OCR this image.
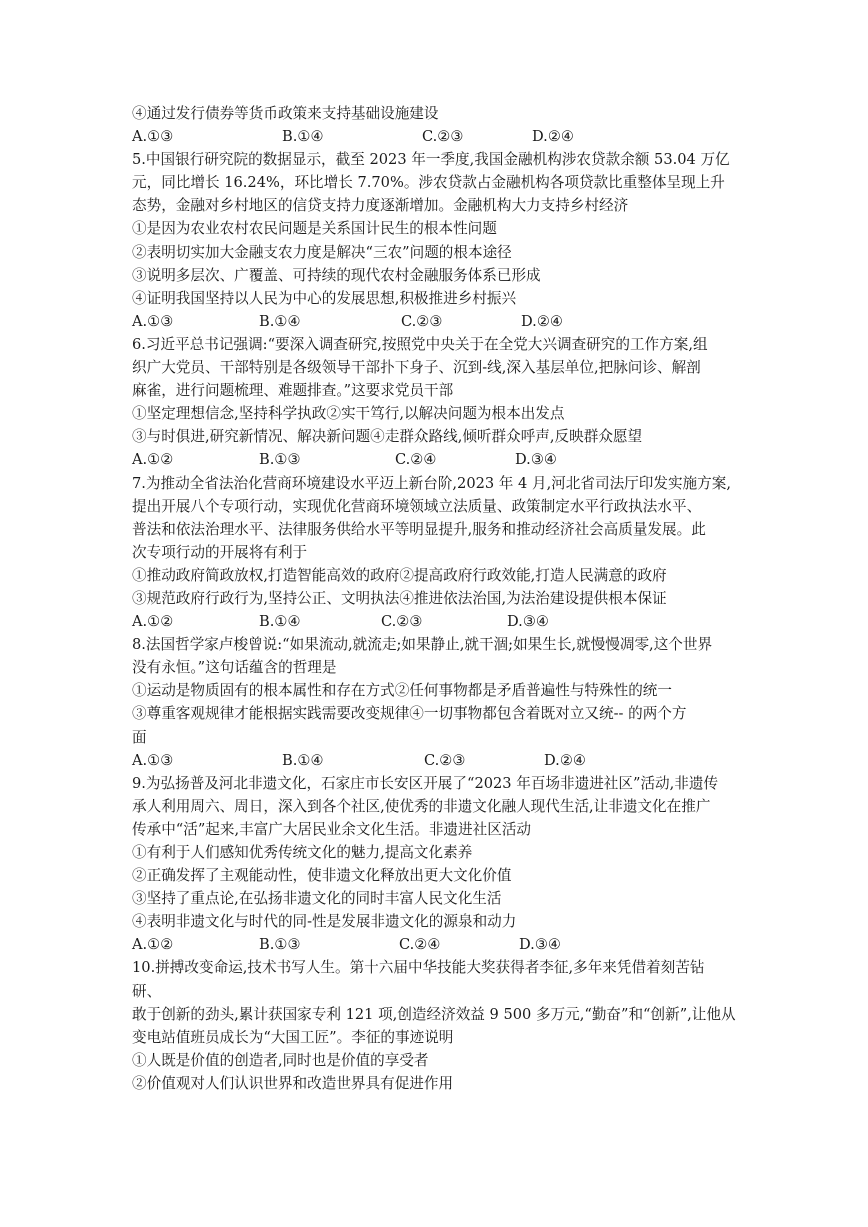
④通过发行债券等货币政策来支持基础设施建设
A.①③	B.①④	C.②③	D.②④
5.中国银行研究院的数据显示，截至 2023 年一季度,我国金融机构涉农贷款余额 53.04 万亿
元，同比增长 16.24%，环比增长 7.70%。涉农贷款占金融机构各项贷款比重整体呈现上升
态势，金融对乡村地区的信贷支持力度逐渐增加。金融机构大力支持乡村经济
①是因为农业农村农民问题是关系国计民生的根本性问题
②表明切实加大金融支农力度是解决“三农”问题的根本途径
③说明多层次、广覆盖、可持续的现代农村金融服务体系已形成
④证明我国坚持以人民为中心的发展思想,积极推进乡村振兴
A.①③	B.①④	C.②③	D.②④
6.习近平总书记强调:“要深入调查研究,按照党中央关于在全党大兴调查研究的工作方案,组
织广大党员、干部特别是各级领导干部扑下身子、沉到-线,深入基层单位,把脉问诊、解剖
麻雀，进行问题梳理、难题排查。”这要求党员干部
①坚定理想信念,坚持科学执政②实干笃行,以解决问题为根本出发点
③与时俱进,研究新情况、解决新问题④走群众路线,倾听群众呼声,反映群众愿望
A.①②	B.①③	C.②④	D.③④
7.为推动全省法治化营商环境建设水平迈上新台阶,2023 年 4 月,河北省司法厅印发实施方案,
提出开展八个专项行动，实现优化营商环境领域立法质量、政策制定水平行政执法水平、
普法和依法治理水平、法律服务供给水平等明显提升,服务和推动经济社会高质量发展。此
次专项行动的开展将有利于
①推动政府简政放权,打造智能高效的政府②提高政府行政效能,打造人民满意的政府
③规范政府行政行为,坚持公正、文明执法④推进依法治国,为法治建设提供根本保证
A.①②	B.①④	C.②③	D.③④
8.法国哲学家卢梭曾说:“如果流动,就流走;如果静止,就干涸;如果生长,就慢慢凋零,这个世界
没有永恒。”这句话蕴含的哲理是
①运动是物质固有的根本属性和存在方式②任何事物都是矛盾普遍性与特殊性的统一
③尊重客观规律才能根据实践需要改变规律④一切事物都包含着既对立又统-- 的两个方
面
A.①③	B.①④	C.②③	D.②④
9.为弘扬普及河北非遗文化，石家庄市长安区开展了“2023 年百场非遗进社区”活动,非遗传
承人利用周六、周日，深入到各个社区,使优秀的非遗文化融人现代生活,让非遗文化在推广
传承中“活”起来,丰富广大居民业余文化生活。非遗进社区活动
①有利于人们感知优秀传统文化的魅力,提高文化素养
②正确发挥了主观能动性，使非遗文化释放出更大文化价值
③坚持了重点论,在弘扬非遗文化的同时丰富人民文化生活
④表明非遗文化与时代的同-性是发展非遗文化的源泉和动力
A.①②	B.①③	C.②④	D.③④
10.拼搏改变命运,技术书写人生。第十六届中华技能大奖获得者李征,多年来凭借着刻苦钻
研、
敢于创新的劲头,累计获国家专利 121 项,创造经济效益 9 500 多万元,“勤奋”和“创新”,让他从
变电站值班员成长为“大国工匠”。李征的事迹说明
①人既是价值的创造者,同时也是价值的享受者
②价值观对人们认识世界和改造世界具有促进作用
